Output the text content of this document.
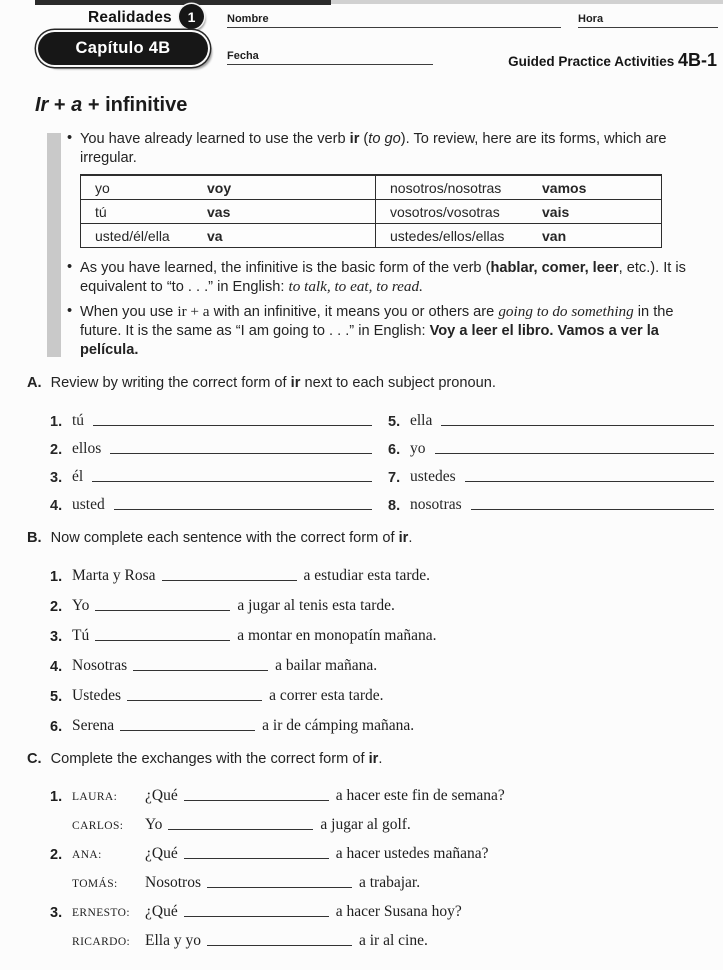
Realidades 1
Capítulo 4B
Nombre	Hora
Fecha	Guided Practice Activities 4B-1
Ir + a + infinitive

• You have already learned to use the verb ir (to go). To review, here are its forms, which are irregular.

yo	voy	nosotros/nosotras	vamos
tú	vas	vosotros/vosotras	vais
usted/él/ella	va	ustedes/ellos/ellas	van

• As you have learned, the infinitive is the basic form of the verb (hablar, comer, leer, etc.). It is equivalent to “to . . .” in English: to talk, to eat, to read.

• When you use ir + a with an infinitive, it means you or others are going to do something in the future. It is the same as “I am going to . . .” in English: Voy a leer el libro. Vamos a ver la película.

A. Review by writing the correct form of ir next to each subject pronoun.
1. tú
2. ellos
3. él
4. usted
5. ella
6. yo
7. ustedes
8. nosotras
B. Now complete each sentence with the correct form of ir.
1. Marta y Rosa	a estudiar esta tarde.
2. Yo	a jugar al tenis esta tarde.
3. Tú	a montar en monopatín mañana.
4. Nosotras	a bailar mañana.
5. Ustedes	a correr esta tarde.
6. Serena	a ir de cámping mañana.
C. Complete the exchanges with the correct form of ir.
1. LAURA:	¿Qué	a hacer este fin de semana?
CARLOS:	Yo	a jugar al golf.
2. ANA:	¿Qué	a hacer ustedes mañana?
TOMÁS:	Nosotros	a trabajar.
3. ERNESTO: ¿Qué	a hacer Susana hoy?
RICARDO: Ella y yo	a ir al cine.
